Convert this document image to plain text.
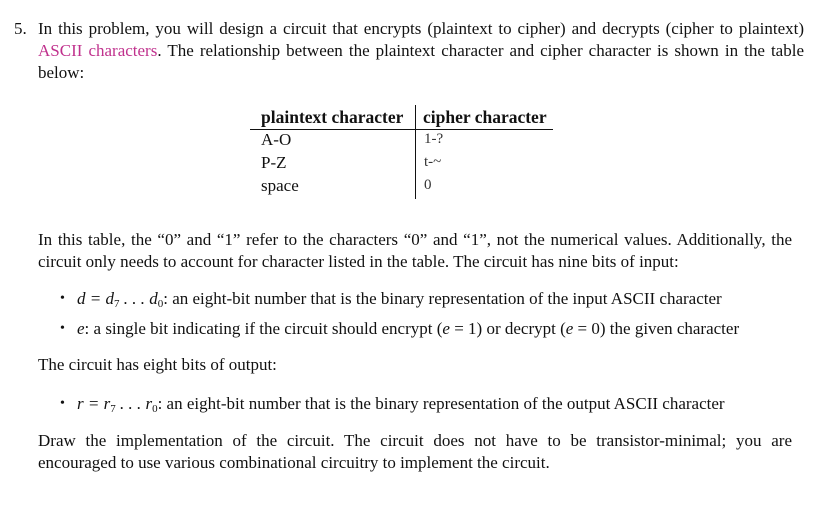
5. In this problem, you will design a circuit that encrypts (plaintext to cipher) and decrypts (cipher to plaintext) ASCII characters. The relationship between the plaintext character and cipher character is shown in the table below:
plaintext character	cipher character
A-O	1-?
P-Z	t-~
space	0
In this table, the “0” and “1” refer to the characters “0” and “1”, not the numerical values. Additionally, the circuit only needs to account for character listed in the table. The circuit has nine bits of input:
• $d = d_7$ . . . $d_0$: an eight-bit number that is the binary representation of the input ASCII character
• e: a single bit indicating if the circuit should encrypt (e = 1) or decrypt (e = 0) the given character
The circuit has eight bits of output:
• $r = r_7$ . . . $r_0$: an eight-bit number that is the binary representation of the output ASCII character
Draw the implementation of the circuit. The circuit does not have to be transistor-minimal; you are encouraged to use various combinational circuitry to implement the circuit.
